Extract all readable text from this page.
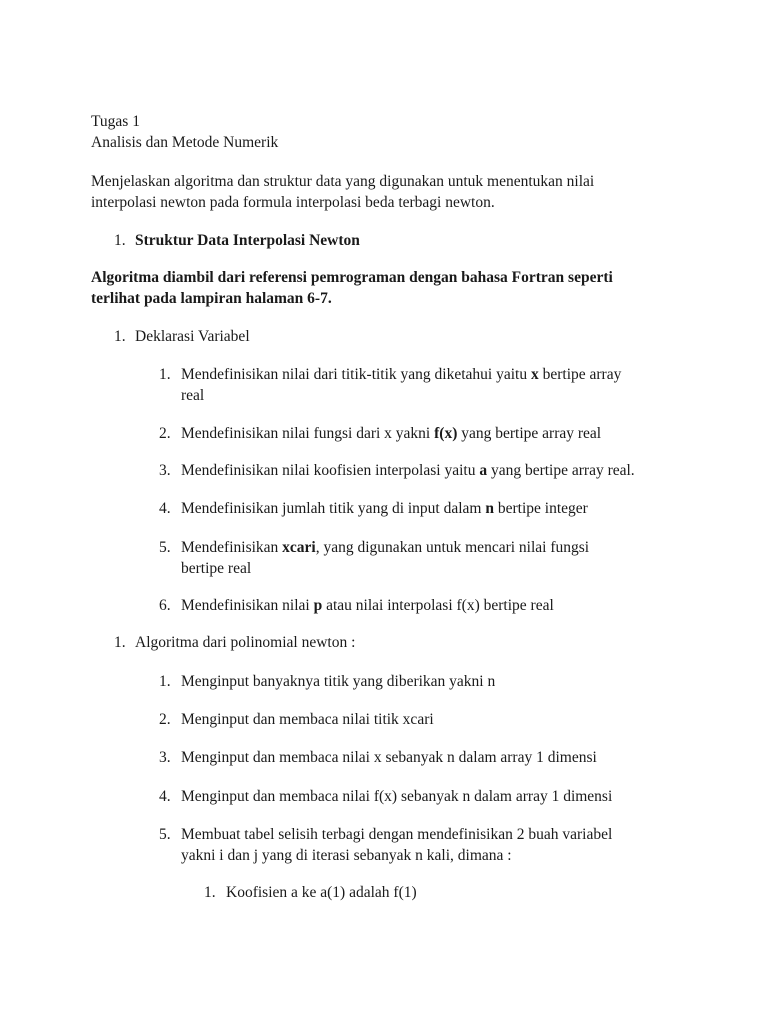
Tugas 1
Analisis dan Metode Numerik
Menjelaskan algoritma dan struktur data yang digunakan untuk menentukan nilai
interpolasi newton pada formula interpolasi beda terbagi newton.
1. Struktur Data Interpolasi Newton
Algoritma diambil dari referensi pemrograman dengan bahasa Fortran seperti
terlihat pada lampiran halaman 6-7.
1. Deklarasi Variabel
1. Mendefinisikan nilai dari titik-titik yang diketahui yaitu x bertipe array
real
2. Mendefinisikan nilai fungsi dari x yakni f(x) yang bertipe array real
3. Mendefinisikan nilai koofisien interpolasi yaitu a yang bertipe array real.
4. Mendefinisikan jumlah titik yang di input dalam n bertipe integer
5. Mendefinisikan xcari, yang digunakan untuk mencari nilai fungsi
bertipe real
6. Mendefinisikan nilai p atau nilai interpolasi f(x) bertipe real
1. Algoritma dari polinomial newton :
1. Menginput banyaknya titik yang diberikan yakni n
2. Menginput dan membaca nilai titik xcari
3. Menginput dan membaca nilai x sebanyak n dalam array 1 dimensi
4. Menginput dan membaca nilai f(x) sebanyak n dalam array 1 dimensi
5. Membuat tabel selisih terbagi dengan mendefinisikan 2 buah variabel
yakni i dan j yang di iterasi sebanyak n kali, dimana :
1. Koofisien a ke a(1) adalah f(1)
